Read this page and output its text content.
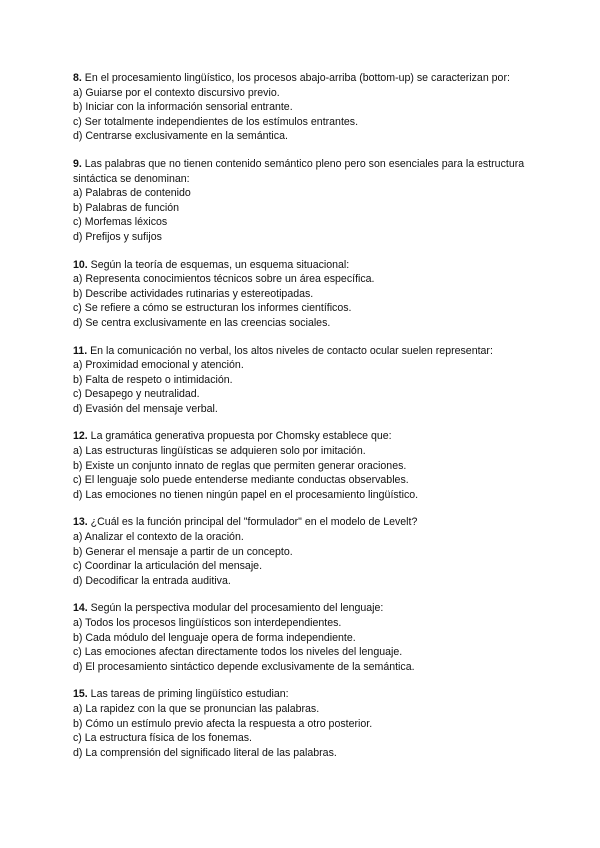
8. En el procesamiento lingüístico, los procesos abajo-arriba (bottom-up) se caracterizan por:

a) Guiarse por el contexto discursivo previo.

b) Iniciar con la información sensorial entrante.

c) Ser totalmente independientes de los estímulos entrantes.

d) Centrarse exclusivamente en la semántica.

9. Las palabras que no tienen contenido semántico pleno pero son esenciales para la estructura sintáctica se denominan:

a) Palabras de contenido

b) Palabras de función

c) Morfemas léxicos

d) Prefijos y sufijos

10. Según la teoría de esquemas, un esquema situacional:

a) Representa conocimientos técnicos sobre un área específica.

b) Describe actividades rutinarias y estereotipadas.

c) Se refiere a cómo se estructuran los informes científicos.

d) Se centra exclusivamente en las creencias sociales.

11. En la comunicación no verbal, los altos niveles de contacto ocular suelen representar:

a) Proximidad emocional y atención.

b) Falta de respeto o intimidación.

c) Desapego y neutralidad.

d) Evasión del mensaje verbal.

12. La gramática generativa propuesta por Chomsky establece que:

a) Las estructuras lingüísticas se adquieren solo por imitación.

b) Existe un conjunto innato de reglas que permiten generar oraciones.

c) El lenguaje solo puede entenderse mediante conductas observables.

d) Las emociones no tienen ningún papel en el procesamiento lingüístico.

13. ¿Cuál es la función principal del "formulador" en el modelo de Levelt?

a) Analizar el contexto de la oración.

b) Generar el mensaje a partir de un concepto.

c) Coordinar la articulación del mensaje.

d) Decodificar la entrada auditiva.

14. Según la perspectiva modular del procesamiento del lenguaje:

a) Todos los procesos lingüísticos son interdependientes.

b) Cada módulo del lenguaje opera de forma independiente.

c) Las emociones afectan directamente todos los niveles del lenguaje.

d) El procesamiento sintáctico depende exclusivamente de la semántica.

15. Las tareas de priming lingüístico estudian:

a) La rapidez con la que se pronuncian las palabras.

b) Cómo un estímulo previo afecta la respuesta a otro posterior.

c) La estructura física de los fonemas.

d) La comprensión del significado literal de las palabras.
